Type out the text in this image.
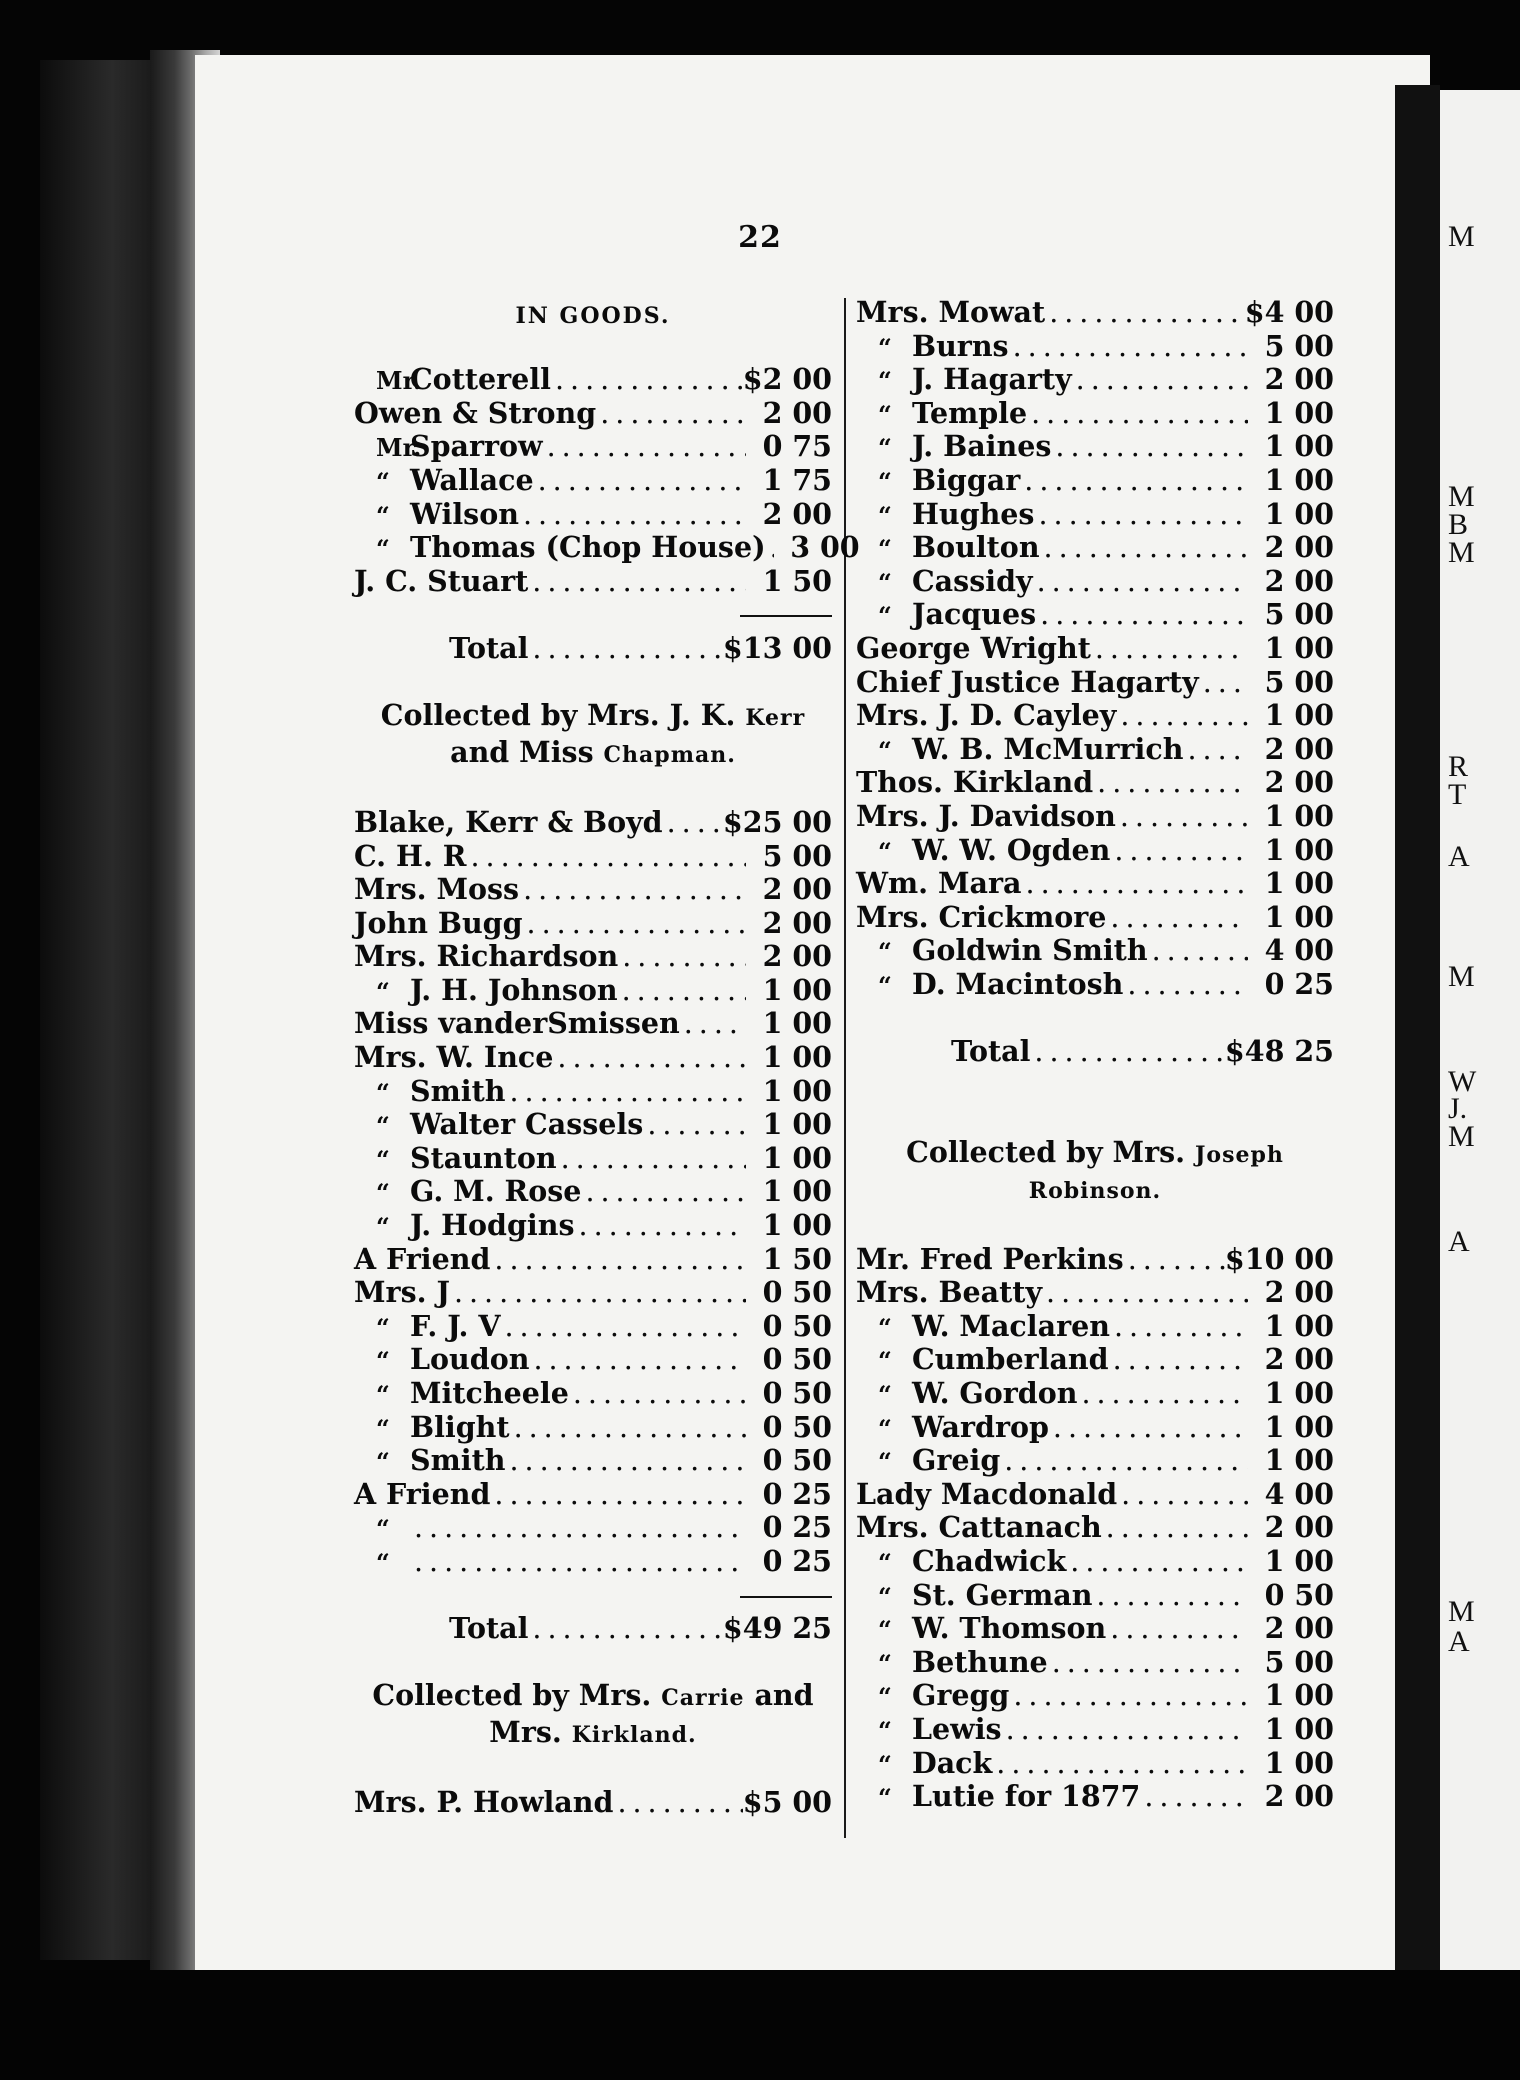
M
M
B
M
R
T
A
M
W
J.
M
A
M
A
22
IN GOODS.
Mr.Cotterell .....	$2 00
Owen & Strong .....	2 00
Mr.Sparrow .....	0 75
“ Wallace .....	1 75
“ Wilson .....	2 00
“ Thomas (Chop House) ..... 3 00
J. C. Stuart .....	1 50
Total .....	$13 00
Collected by Mrs. J. K. Kerr
and Miss Chapman.
Blake, Kerr & Boyd ..... $25 00
C. H. R .....	5 00
Mrs. Moss .....	2 00
John Bugg .....	2 00
Mrs. Richardson .....	2 00
“ J. H. Johnson .....	1 00
Miss vanderSmissen .....	1 00
Mrs. W. Ince .....	1 00
“ Smith .....	1 00
“ Walter Cassels .....	1 00
“ Staunton .....	1 00
“ G. M. Rose .....	1 00
“ J. Hodgins .....	1 00
A Friend .....	1 50
Mrs. J .....	0 50
“ F. J. V .....	0 50
“ Loudon .....	0 50
“ Mitcheele .....	0 50
“ Blight .....	0 50
“ Smith .....	0 50
A Friend .....	0 25
“ .....	0 25
“ .....	0 25
Total .....	$49 25
Collected by Mrs. Carrie and
Mrs. Kirkland.
Mrs. P. Howland .....	$5 00
Mrs. Mowat .....	$4 00
“ Burns .....	5 00
“ J. Hagarty .....	2 00
“ Temple .....	1 00
“ J. Baines .....	1 00
“ Biggar .....	1 00
“ Hughes .....	1 00
“ Boulton .....	2 00
“ Cassidy .....	2 00
“ Jacques .....	5 00
George Wright .....	1 00
Chief Justice Hagarty .....	5 00
Mrs. J. D. Cayley .....	1 00
“ W. B. McMurrich .....	2 00
Thos. Kirkland .....	2 00
Mrs. J. Davidson .....	1 00
“ W. W. Ogden .....	1 00
Wm. Mara .....	1 00
Mrs. Crickmore .....	1 00
“ Goldwin Smith .....	4 00
“ D. Macintosh .....	0 25
Total .....	$48 25
Collected by Mrs. Joseph
Robinson.
Mr. Fred Perkins .....	$10 00
Mrs. Beatty .....	2 00
“ W. Maclaren .....	1 00
“ Cumberland .....	2 00
“ W. Gordon .....	1 00
“ Wardrop .....	1 00
“ Greig .....	1 00
Lady Macdonald .....	4 00
Mrs. Cattanach .....	2 00
“ Chadwick .....	1 00
“ St. German .....	0 50
“ W. Thomson .....	2 00
“ Bethune .....	5 00
“ Gregg .....	1 00
“ Lewis .....	1 00
“ Dack .....	1 00
“ Lutie for 1877 .....	2 00
